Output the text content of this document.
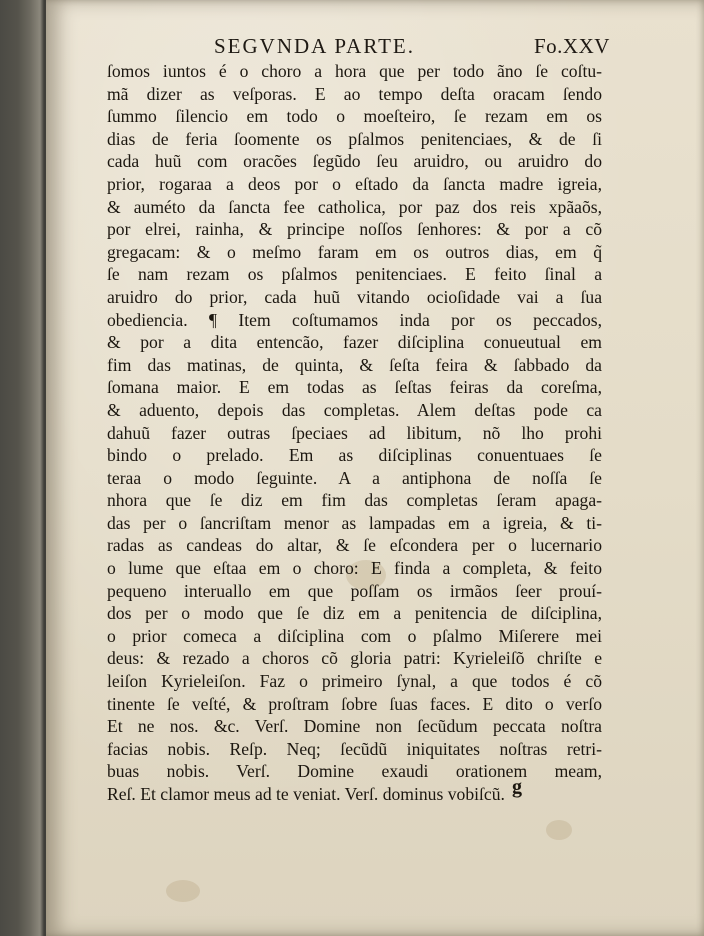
SEGVNDA PARTE.	Fo.XXV
ſomos iuntos é o choro a hora que per todo ãno ſe coſtu-
mã dizer as veſporas. E ao tempo deſta oracam ſendo
ſummo ſilencio em todo o moeſteiro, ſe rezam em os
dias de feria ſoomente os pſalmos penitenciaes, & de ſi
cada huũ com oracões ſegũdo ſeu aruidro, ou aruidro do
prior, rogaraa a deos por o eſtado da ſancta madre igreia,
& auméto da ſancta fee catholica, por paz dos reis xpãaõs,
por elrei, rainha, & principe noſſos ſenhores: & por a cõ
gregacam: & o meſmo faram em os outros dias, em q̃
ſe nam rezam os pſalmos penitenciaes. E feito ſinal a
aruidro do prior, cada huũ vitando ocioſidade vai a ſua
obediencia. ¶ Item coſtumamos inda por os peccados,
& por a dita entencão, fazer diſciplina conueutual em
fim das matinas, de quinta, & ſeſta feira & ſabbado da
ſomana maior. E em todas as ſeſtas feiras da coreſma,
& aduento, depois das completas. Alem deſtas pode ca
dahuũ fazer outras ſpeciaes ad libitum, nõ lho prohi
bindo o prelado. Em as diſciplinas conuentuaes ſe
teraa o modo ſeguinte. A a antiphona de noſſa ſe
nhora que ſe diz em fim das completas ſeram apaga-
das per o ſancriſtam menor as lampadas em a igreia, & ti-
radas as candeas do altar, & ſe eſcondera per o lucernario
o lume que eſtaa em o choro: E finda a completa, & feito
pequeno interuallo em que poſſam os irmãos ſeer prouí-
dos per o modo que ſe diz em a penitencia de diſciplina,
o prior comeca a diſciplina com o pſalmo Miſerere mei
deus: & rezado a choros cõ gloria patri: Kyrieleiſõ chriſte e
leiſon Kyrieleiſon. Faz o primeiro ſynal, a que todos é cõ
tinente ſe veſté, & proſtram ſobre ſuas faces. E dito o verſo
Et ne nos. &c. Verſ. Domine non ſecũdum peccata noſtra
facias nobis. Reſp. Neq; ſecũdũ iniquitates noſtras retri-
buas nobis. Verſ. Domine exaudi orationem meam,
Reſ. Et clamor meus ad te veniat. Verſ. dominus vobiſcũ. g
